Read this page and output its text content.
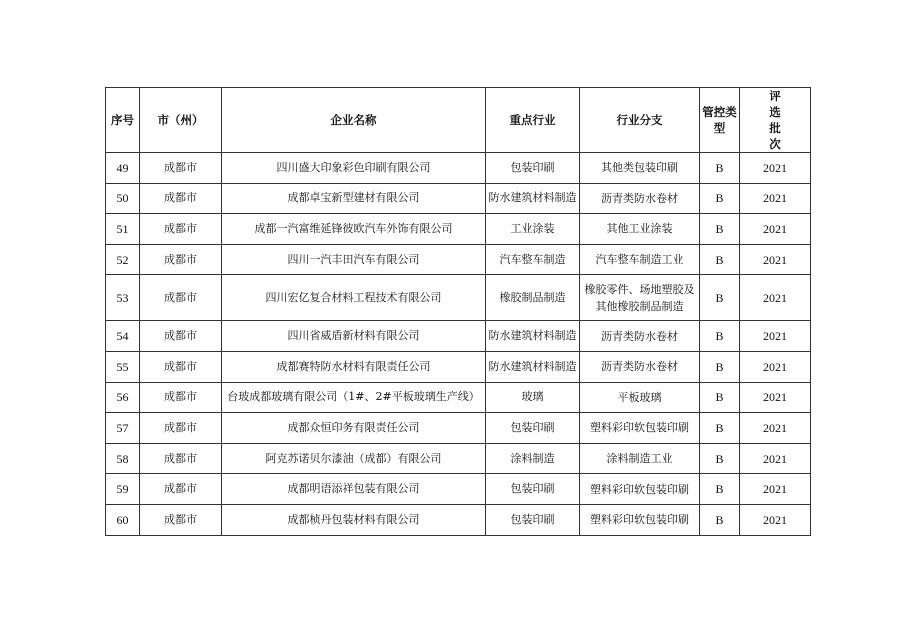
序号	市（州）	企业名称	重点行业	行业分支	管控类型	评选批次
49	成都市	四川盛大印象彩色印刷有限公司	包装印刷	其他类包装印刷	B	2021
50	成都市	成都卓宝新型建材有限公司	防水建筑材料制造	沥青类防水卷材	B	2021
51	成都市	成都一汽富维延锋彼欧汽车外饰有限公司	工业涂装	其他工业涂装	B	2021
52	成都市	四川一汽丰田汽车有限公司	汽车整车制造	汽车整车制造工业	B	2021
53	成都市	四川宏亿复合材料工程技术有限公司	橡胶制品制造	橡胶零件、场地塑胶及其他橡胶制品制造	B	2021
54	成都市	四川省威盾新材料有限公司	防水建筑材料制造	沥青类防水卷材	B	2021
55	成都市	成都赛特防水材料有限责任公司	防水建筑材料制造	沥青类防水卷材	B	2021
56	成都市	台玻成都玻璃有限公司（1#、2#平板玻璃生产线）	玻璃	平板玻璃	B	2021
57	成都市	成都众恒印务有限责任公司	包装印刷	塑料彩印软包装印刷	B	2021
58	成都市	阿克苏诺贝尔漆油（成都）有限公司	涂料制造	涂料制造工业	B	2021
59	成都市	成都明语添祥包装有限公司	包装印刷	塑料彩印软包装印刷	B	2021
60	成都市	成都桢丹包装材料有限公司	包装印刷	塑料彩印软包装印刷	B	2021
